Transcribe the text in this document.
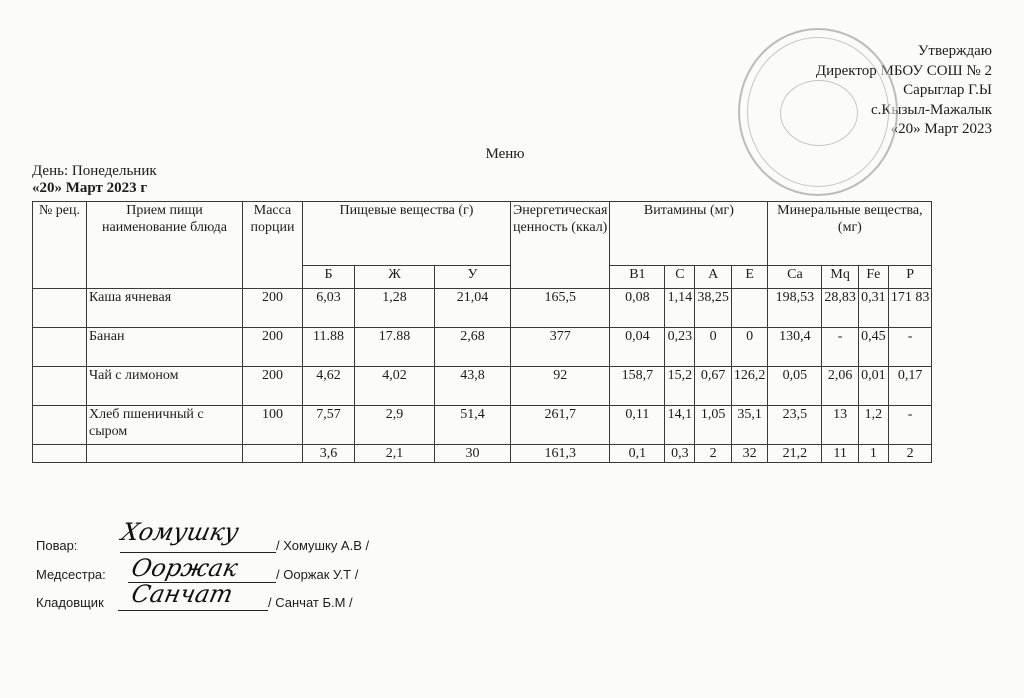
Утверждаю
Директор МБОУ СОШ № 2
Сарыглар Г.Ы
с.Кызыл-Мажалык
«20» Март 2023
Меню
День: Понедельник
«20» Март 2023 г
№ рец.	Прием пищи наименование блюда	Масса порции	Пищевые вещества (г)			Энергетическая ценность (ккал)	Витамины (мг)				Минеральные вещества, (мг)			
			Б	Ж	У		В1	С	А	Е	Са	Мq	Fe	Р
	Каша ячневая	200	6,03	1,28	21,04	165,5	0,08	1,14	38,25		198,53	28,83	0,31	171 83
	Банан	200	11.88	17.88	2,68	377	0,04	0,23	0	0	130,4	-	0,45	-
	Чай с лимоном	200	4,62	4,02	43,8	92	158,7	15,2	0,67	126,2	0,05	2,06	0,01	0,17
	Хлеб пшеничный с сыром	100	7,57	2,9	51,4	261,7	0,11	14,1	1,05	35,1	23,5	13	1,2	-
			3,6	2,1	30	161,3	0,1	0,3	2	32	21,2	11	1	2
Повар: Хомушку	/ Хомушку А.В /
Медсестра: Ооржак	/ Ооржак У.Т /
Кладовщик Санчат	/ Санчат Б.М /
